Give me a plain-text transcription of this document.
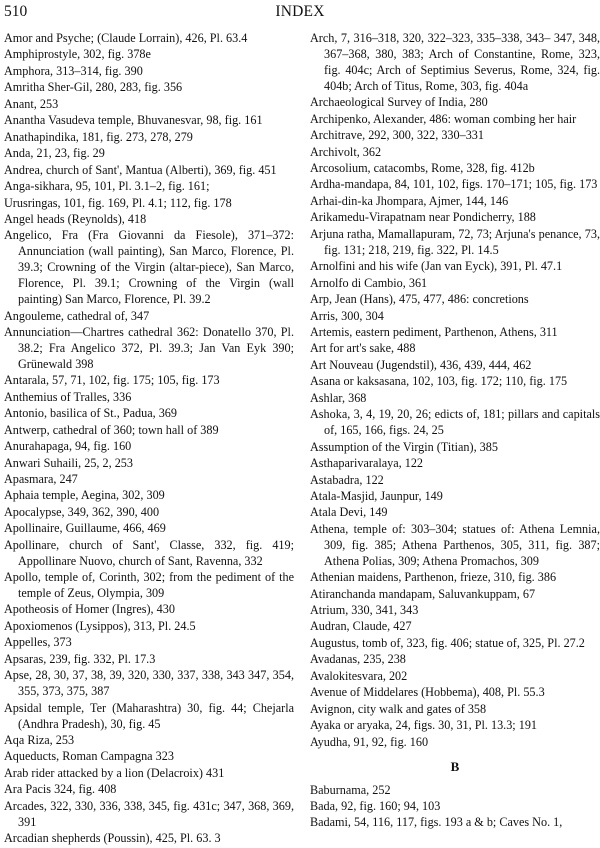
510	INDEX

Amor and Psyche; (Claude Lorrain), 426, Pl. 63.4

Amphiprostyle, 302, fig. 378e

Amphora, 313–314, fig. 390

Amritha Sher-Gil, 280, 283, fig. 356

Anant, 253

Anantha Vasudeva temple, Bhuvanesvar, 98, fig. 161

Anathapindika, 181, fig. 273, 278, 279

Anda, 21, 23, fig. 29

Andrea, church of Sant', Mantua (Alberti), 369, fig. 451

Anga-sikhara, 95, 101, Pl. 3.1–2, fig. 161;

Urusringas, 101, fig. 169, Pl. 4.1; 112, fig. 178

Angel heads (Reynolds), 418

Angelico, Fra (Fra Giovanni da Fiesole), 371–372: Annunciation (wall painting), San Marco, Florence, Pl. 39.3; Crowning of the Virgin (altar-piece), San Marco, Florence, Pl. 39.1; Crowning of the Virgin (wall painting) San Marco, Florence, Pl. 39.2

Angouleme, cathedral of, 347

Annunciation—Chartres cathedral 362: Donatello 370, Pl. 38.2; Fra Angelico 372, Pl. 39.3; Jan Van Eyk 390; Grünewald 398

Antarala, 57, 71, 102, fig. 175; 105, fig. 173

Anthemius of Tralles, 336

Antonio, basilica of St., Padua, 369

Antwerp, cathedral of 360; town hall of 389

Anurahapaga, 94, fig. 160

Anwari Suhaili, 25, 2, 253

Apasmara, 247

Aphaia temple, Aegina, 302, 309

Apocalypse, 349, 362, 390, 400

Apollinaire, Guillaume, 466, 469

Apollinare, church of Sant', Classe, 332, fig. 419; Appollinare Nuovo, church of Sant, Ravenna, 332

Apollo, temple of, Corinth, 302; from the pediment of the temple of Zeus, Olympia, 309

Apotheosis of Homer (Ingres), 430

Apoxiomenos (Lysippos), 313, Pl. 24.5

Appelles, 373

Apsaras, 239, fig. 332, Pl. 17.3

Apse, 28, 30, 37, 38, 39, 320, 330, 337, 338, 343 347, 354, 355, 373, 375, 387

Apsidal temple, Ter (Maharashtra) 30, fig. 44; Chejarla (Andhra Pradesh), 30, fig. 45

Aqa Riza, 253

Aqueducts, Roman Campagna 323

Arab rider attacked by a lion (Delacroix) 431

Ara Pacis 324, fig. 408

Arcades, 322, 330, 336, 338, 345, fig. 431c; 347, 368, 369, 391

Arcadian shepherds (Poussin), 425, Pl. 63. 3

Arch, 7, 316–318, 320, 322–323, 335–338, 343– 347, 348, 367–368, 380, 383; Arch of Constantine, Rome, 323, fig. 404c; Arch of Septimius Severus, Rome, 324, fig. 404b; Arch of Titus, Rome, 303, fig. 404a

Archaeological Survey of India, 280

Archipenko, Alexander, 486: woman combing her hair

Architrave, 292, 300, 322, 330–331

Archivolt, 362

Arcosolium, catacombs, Rome, 328, fig. 412b

Ardha-mandapa, 84, 101, 102, figs. 170–171; 105, fig. 173

Arhai-din-ka Jhompara, Ajmer, 144, 146

Arikamedu-Virapatnam near Pondicherry, 188

Arjuna ratha, Mamallapuram, 72, 73; Arjuna's penance, 73, fig. 131; 218, 219, fig. 322, Pl. 14.5

Arnolfini and his wife (Jan van Eyck), 391, Pl. 47.1

Arnolfo di Cambio, 361

Arp, Jean (Hans), 475, 477, 486: concretions

Arris, 300, 304

Artemis, eastern pediment, Parthenon, Athens, 311

Art for art's sake, 488

Art Nouveau (Jugendstil), 436, 439, 444, 462

Asana or kaksasana, 102, 103, fig. 172; 110, fig. 175

Ashlar, 368

Ashoka, 3, 4, 19, 20, 26; edicts of, 181; pillars and capitals of, 165, 166, figs. 24, 25

Assumption of the Virgin (Titian), 385

Asthaparivaralaya, 122

Astabadra, 122

Atala-Masjid, Jaunpur, 149

Atala Devi, 149

Athena, temple of: 303–304; statues of: Athena Lemnia, 309, fig. 385; Athena Parthenos, 305, 311, fig. 387; Athena Polias, 309; Athena Promachos, 309

Athenian maidens, Parthenon, frieze, 310, fig. 386

Atiranchanda mandapam, Saluvankuppam, 67

Atrium, 330, 341, 343

Audran, Claude, 427

Augustus, tomb of, 323, fig. 406; statue of, 325, Pl. 27.2

Avadanas, 235, 238

Avalokitesvara, 202

Avenue of Middelares (Hobbema), 408, Pl. 55.3

Avignon, city walk and gates of 358

Ayaka or aryaka, 24, figs. 30, 31, Pl. 13.3; 191

Ayudha, 91, 92, fig. 160

B

Baburnama, 252

Bada, 92, fig. 160; 94, 103

Badami, 54, 116, 117, figs. 193 a & b; Caves No. 1,
